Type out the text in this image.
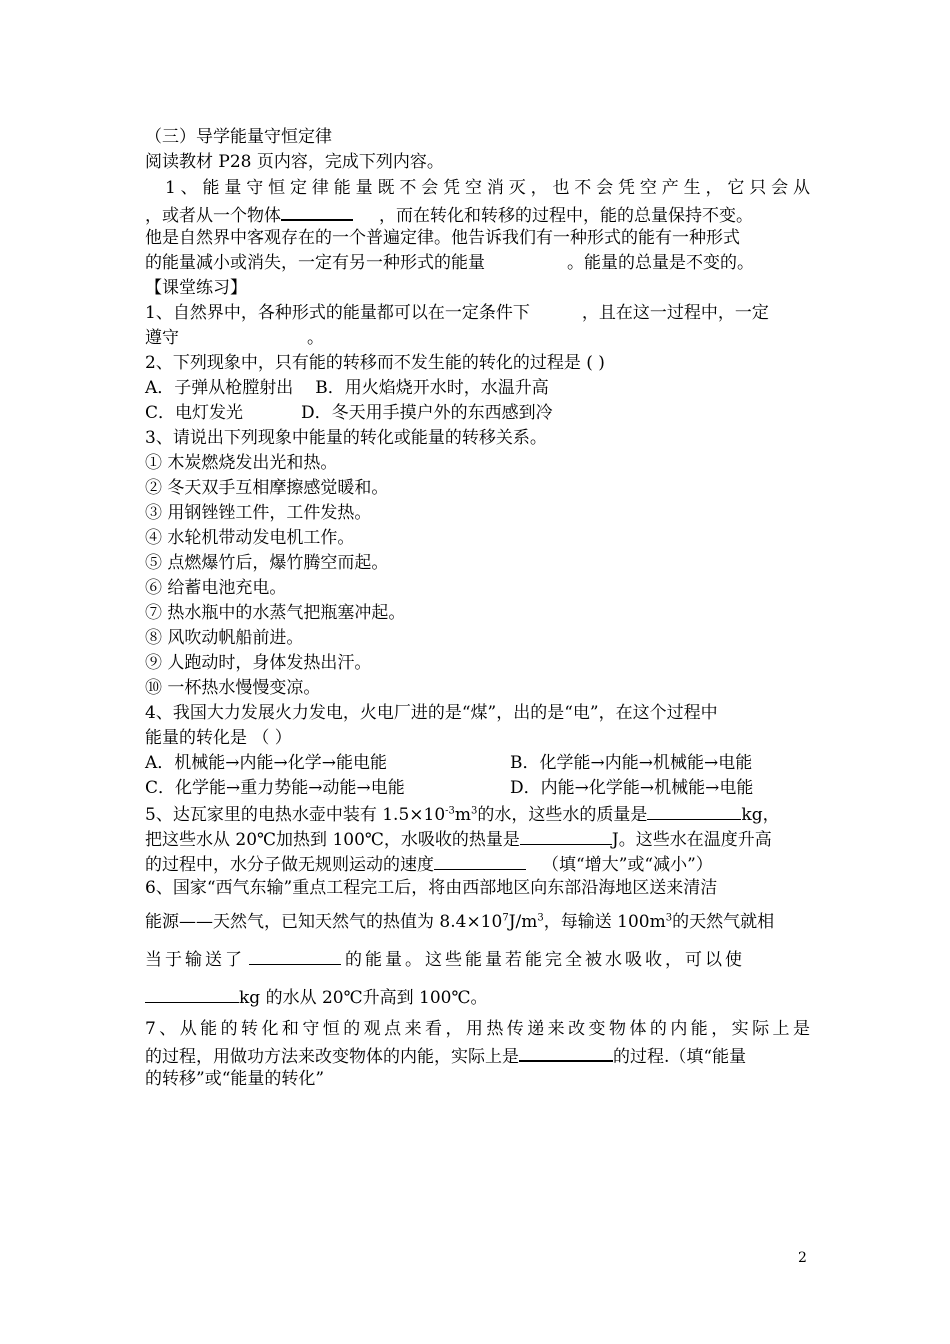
（三）导学能量守恒定律
阅读教材 P28 页内容，完成下列内容。
1、能量守恒定律能量既不会凭空消灭，也不会凭空产生，它只会从
，或者从一个物体	，而在转化和转移的过程中，能的总量保持不变。
他是自然界中客观存在的一个普遍定律。他告诉我们有一种形式的能有一种形式
的能量减小或消失，一定有另一种形式的能量	。能量的总量是不变的。
【课堂练习】
1、自然界中，各种形式的能量都可以在一定条件下	，且在这一过程中，一定
遵守	。
2、下列现象中，只有能的转移而不发生能的转化的过程是 ( )
A．子弹从枪膛射出 B．用火焰烧开水时，水温升高
C．电灯发光	D．冬天用手摸户外的东西感到冷
3、请说出下列现象中能量的转化或能量的转移关系。
① 木炭燃烧发出光和热。
② 冬天双手互相摩擦感觉暖和。
③ 用钢锉锉工件，工件发热。
④ 水轮机带动发电机工作。
⑤ 点燃爆竹后，爆竹腾空而起。
⑥ 给蓄电池充电。
⑦ 热水瓶中的水蒸气把瓶塞冲起。
⑧ 风吹动帆船前进。
⑨ 人跑动时，身体发热出汗。
⑩ 一杯热水慢慢变凉。
4、我国大力发展火力发电，火电厂进的是“煤”，出的是“电”，在这个过程中
能量的转化是 （ ）
A．机械能→内能→化学→能电能	B．化学能→内能→机械能→电能
C．化学能→重力势能→动能→电能	D．内能→化学能→机械能→电能
5、达瓦家里的电热水壶中装有 $1.5\times 10^{-3}m^3$的水，这些水的质量是	kg，
把这些水从 20℃加热到 100℃，水吸收的热量是	J。这些水在温度升高
的过程中，水分子做无规则运动的速度	（填“增大”或“减小”）
6、国家“西气东输”重点工程完工后，将由西部地区向东部沿海地区送来清洁
能源——天然气，已知天然气的热值为 $8.4\times 10^7J/m^3$，每输送 $100m^3$的天然气就相
当于输送了	的能量。这些能量若能完全被水吸收，可以使
kg 的水从 20℃升高到 100℃。
7、从能的转化和守恒的观点来看，用热传递来改变物体的内能，实际上是
的过程，用做功方法来改变物体的内能，实际上是	的过程.（填“能量
的转移”或“能量的转化”
2
